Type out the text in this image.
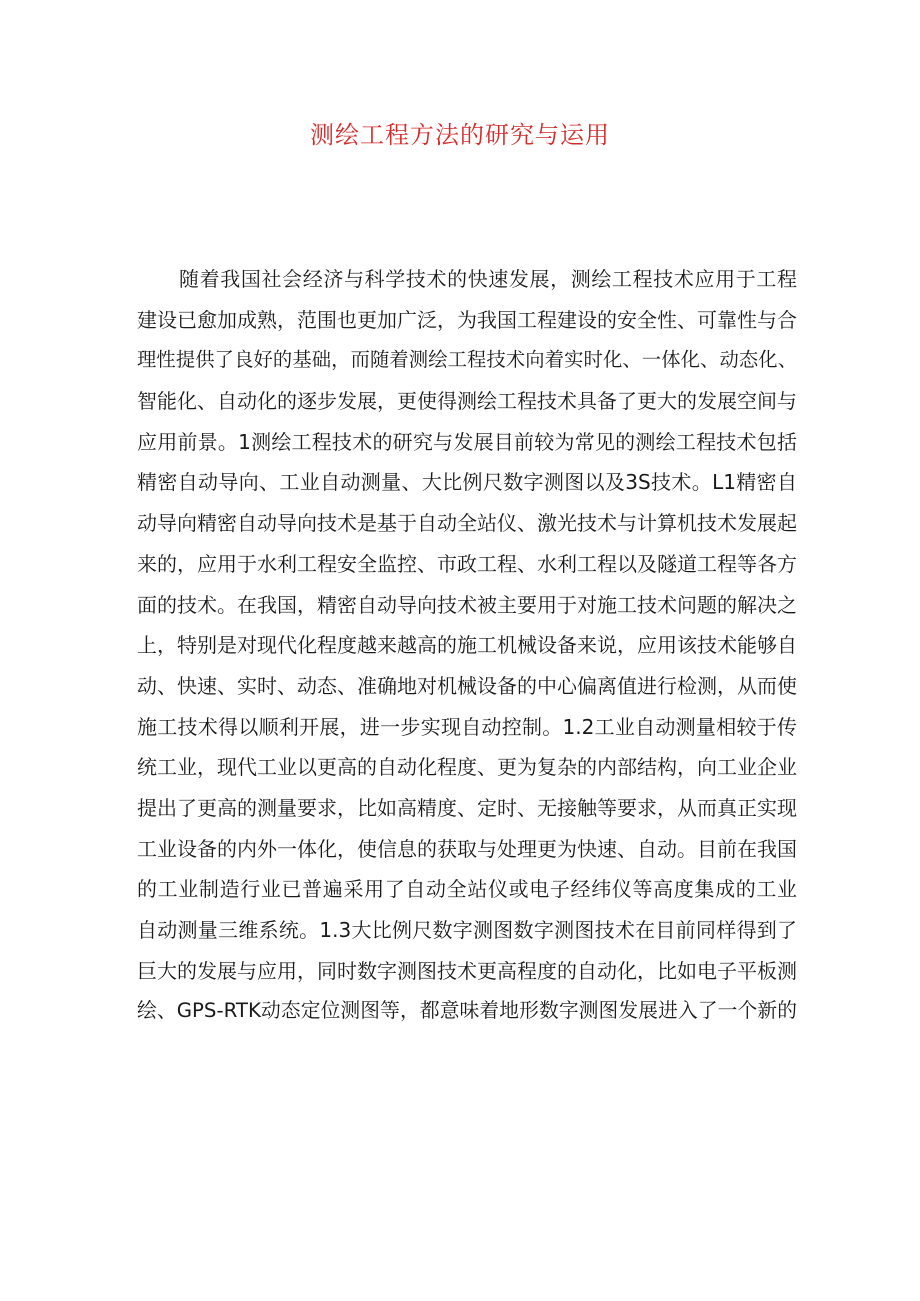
测绘工程方法的研究与运用
随着我国社会经济与科学技术的快速发展，测绘工程技术应用于工程
建设已愈加成熟，范围也更加广泛，为我国工程建设的安全性、可靠性与合
理性提供了良好的基础，而随着测绘工程技术向着实时化、一体化、动态化、
智能化、自动化的逐步发展，更使得测绘工程技术具备了更大的发展空间与
应用前景。1测绘工程技术的研究与发展目前较为常见的测绘工程技术包括
精密自动导向、工业自动测量、大比例尺数字测图以及3S技术。L1精密自
动导向精密自动导向技术是基于自动全站仪、激光技术与计算机技术发展起
来的，应用于水利工程安全监控、市政工程、水利工程以及隧道工程等各方
面的技术。在我国，精密自动导向技术被主要用于对施工技术问题的解决之
上，特别是对现代化程度越来越高的施工机械设备来说，应用该技术能够自
动、快速、实时、动态、准确地对机械设备的中心偏离值进行检测，从而使
施工技术得以顺利开展，进一步实现自动控制。1.2工业自动测量相较于传
统工业，现代工业以更高的自动化程度、更为复杂的内部结构，向工业企业
提出了更高的测量要求，比如高精度、定时、无接触等要求，从而真正实现
工业设备的内外一体化，使信息的获取与处理更为快速、自动。目前在我国
的工业制造行业已普遍采用了自动全站仪或电子经纬仪等高度集成的工业
自动测量三维系统。1.3大比例尺数字测图数字测图技术在目前同样得到了
巨大的发展与应用，同时数字测图技术更高程度的自动化，比如电子平板测
绘、GPS-RTK动态定位测图等，都意味着地形数字测图发展进入了一个新的
